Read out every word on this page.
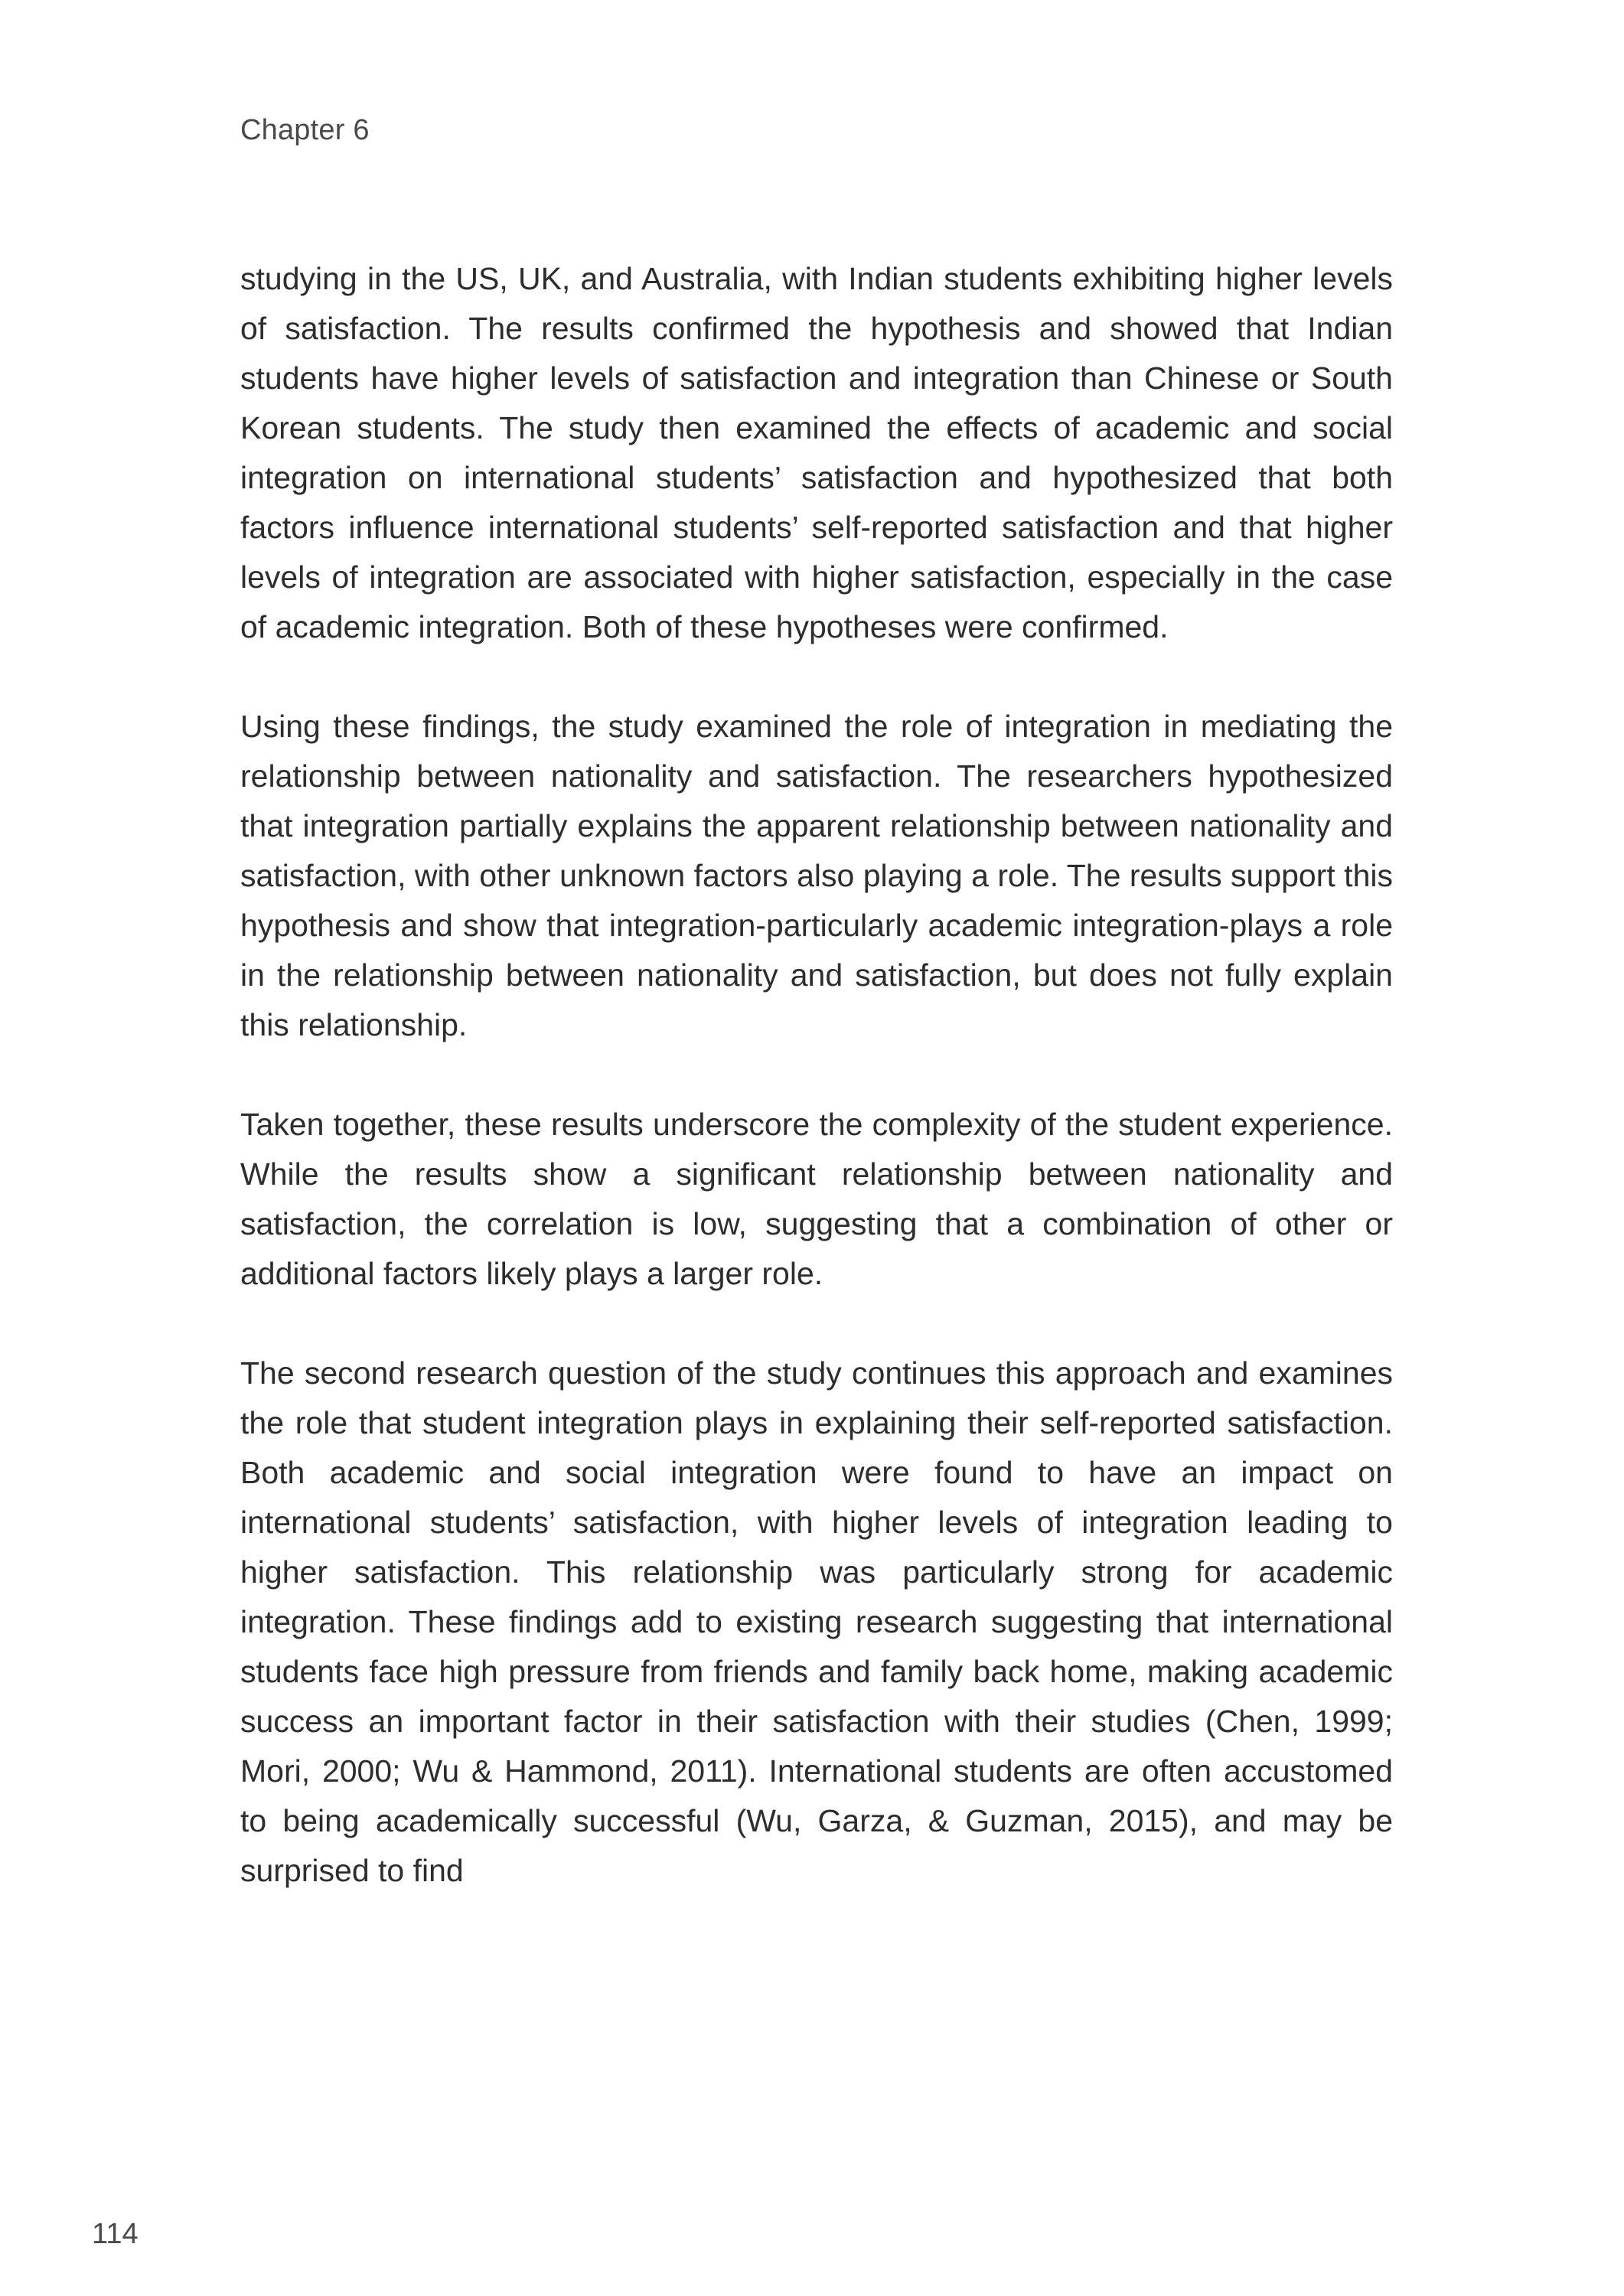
Chapter 6

studying in the US, UK, and Australia, with Indian students exhibiting higher levels of satisfaction. The results confirmed the hypothesis and showed that Indian students have higher levels of satisfaction and integration than Chinese or South Korean students. The study then examined the effects of academic and social integration on international students’ satisfaction and hypothesized that both factors influence international students’ self-reported satisfaction and that higher levels of integration are associated with higher satisfaction, especially in the case of academic integration. Both of these hypotheses were confirmed.

Using these findings, the study examined the role of integration in mediating the relationship between nationality and satisfaction. The researchers hypothesized that integration partially explains the apparent relationship between nationality and satisfaction, with other unknown factors also playing a role. The results support this hypothesis and show that integration-particularly academic integration-plays a role in the relationship between nationality and satisfaction, but does not fully explain this relationship.

Taken together, these results underscore the complexity of the student experience. While the results show a significant relationship between nationality and satisfaction, the correlation is low, suggesting that a combination of other or additional factors likely plays a larger role.

The second research question of the study continues this approach and examines the role that student integration plays in explaining their self-reported satisfaction. Both academic and social integration were found to have an impact on international students’ satisfaction, with higher levels of integration leading to higher satisfaction. This relationship was particularly strong for academic integration. These findings add to existing research suggesting that international students face high pressure from friends and family back home, making academic success an important factor in their satisfaction with their studies (Chen, 1999; Mori, 2000; Wu & Hammond, 2011). International students are often accustomed to being academically successful (Wu, Garza, & Guzman, 2015), and may be surprised to find

114
